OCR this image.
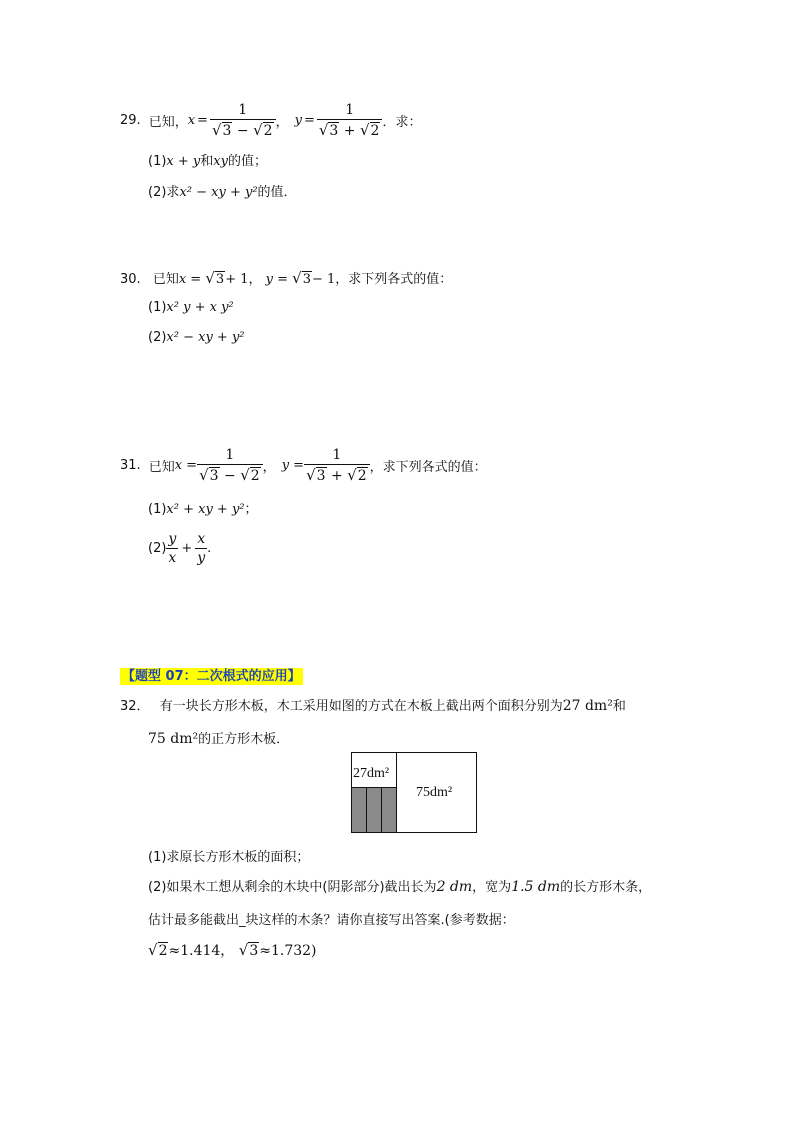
29. 已知， $x = \frac{1}{√3 - √2}$ ， $y = \frac{1}{√3 + √2}$ ．求：
(1)x + y和xy的值；
(2)求x² − xy + y²的值．
30. 已知x = √3+ 1， y = √3− 1，求下列各式的值：
(1)x² y + x y²
(2)x² − xy + y²
31. 已知 $x = \frac{1}{√3 - √2}$ ， $y = \frac{1}{√3 + √2}$ ，求下列各式的值：
(1)x² + xy + y²；
$(2) \frac{y}{x} + \frac{x}{y}$ .
【题型 07：二次根式的应用】
32． 有一块长方形木板，木工采用如图的方式在木板上截出两个面积分别为27 dm²和
75 dm²的正方形木板．
27dm²
75dm²
(1)求原长方形木板的面积；
(2)如果木工想从剩余的木块中(阴影部分)截出长为2 dm，宽为1.5 dm的长方形木条，
估计最多能截出_块这样的木条？请你直接写出答案.(参考数据：
√2≈1.414， √3≈1.732)
